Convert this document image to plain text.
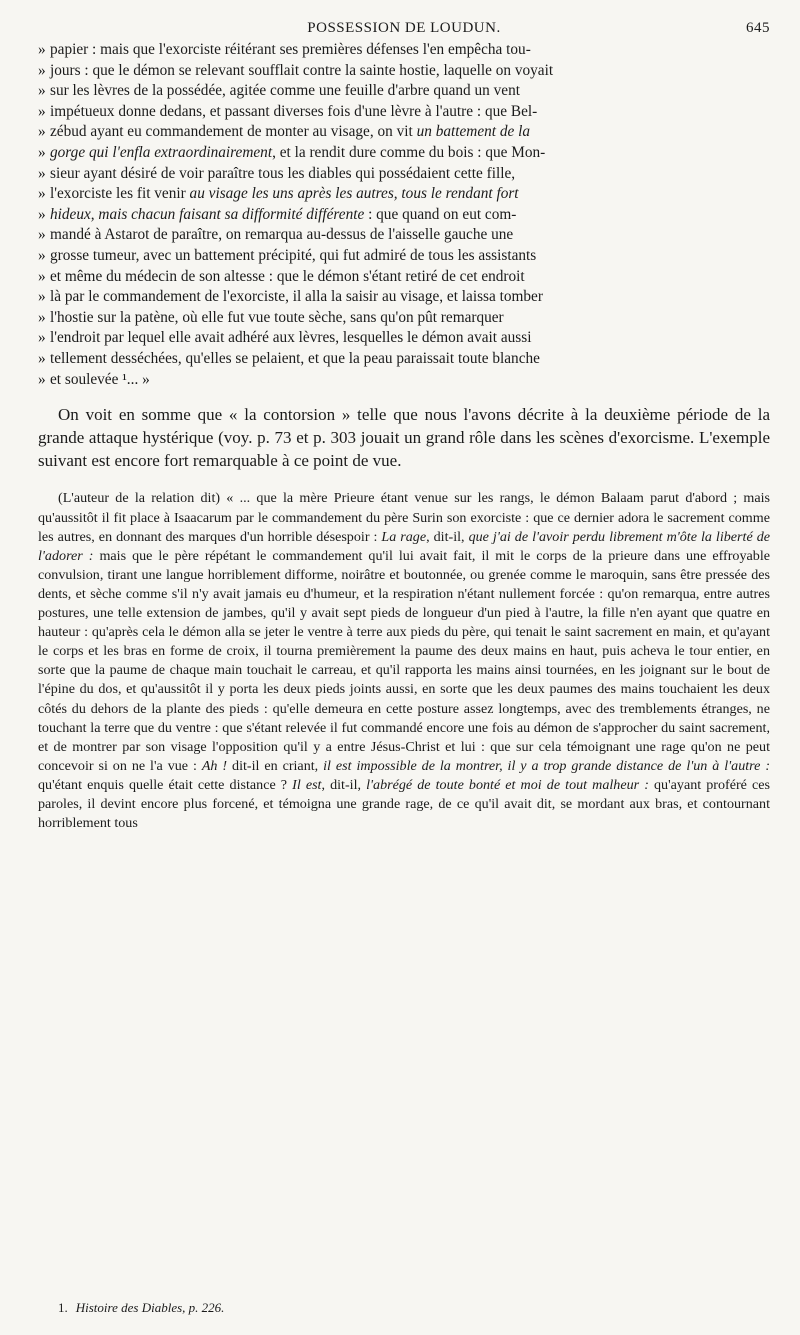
POSSESSION DE LOUDUN.	645
» papier : mais que l'exorciste réitérant ses premières défenses l'en empêcha tou-
» jours : que le démon se relevant soufflait contre la sainte hostie, laquelle on voyait
» sur les lèvres de la possédée, agitée comme une feuille d'arbre quand un vent
» impétueux donne dedans, et passant diverses fois d'une lèvre à l'autre : que Bel-
» zébud ayant eu commandement de monter au visage, on vit un battement de la
» gorge qui l'enfla extraordinairement, et la rendit dure comme du bois : que Mon-
» sieur ayant désiré de voir paraître tous les diables qui possédaient cette fille,
» l'exorciste les fit venir au visage les uns après les autres, tous le rendant fort
» hideux, mais chacun faisant sa difformité différente : que quand on eut com-
» mandé à Astarot de paraître, on remarqua au-dessus de l'aisselle gauche une
» grosse tumeur, avec un battement précipité, qui fut admiré de tous les assistants
» et même du médecin de son altesse : que le démon s'étant retiré de cet endroit
» là par le commandement de l'exorciste, il alla la saisir au visage, et laissa tomber
» l'hostie sur la patène, où elle fut vue toute sèche, sans qu'on pût remarquer
» l'endroit par lequel elle avait adhéré aux lèvres, lesquelles le démon avait aussi
» tellement desséchées, qu'elles se pelaient, et que la peau paraissait toute blanche
» et soulevée ¹... »

On voit en somme que « la contorsion » telle que nous l'avons décrite à la deuxième période de la grande attaque hystérique (voy. p. 73 et p. 303 jouait un grand rôle dans les scènes d'exorcisme. L'exemple suivant est encore fort remarquable à ce point de vue.

(L'auteur de la relation dit) « ... que la mère Prieure étant venue sur les rangs, le démon Balaam parut d'abord ; mais qu'aussitôt il fit place à Isaacarum par le commandement du père Surin son exorciste : que ce dernier adora le sacrement comme les autres, en donnant des marques d'un horrible désespoir : La rage, dit-il, que j'ai de l'avoir perdu librement m'ôte la liberté de l'adorer : mais que le père répétant le commandement qu'il lui avait fait, il mit le corps de la prieure dans une effroyable convulsion, tirant une langue horriblement difforme, noirâtre et boutonnée, ou grenée comme le maroquin, sans être pressée des dents, et sèche comme s'il n'y avait jamais eu d'humeur, et la respiration n'étant nullement forcée : qu'on remarqua, entre autres postures, une telle extension de jambes, qu'il y avait sept pieds de longueur d'un pied à l'autre, la fille n'en ayant que quatre en hauteur : qu'après cela le démon alla se jeter le ventre à terre aux pieds du père, qui tenait le saint sacrement en main, et qu'ayant le corps et les bras en forme de croix, il tourna premièrement la paume des deux mains en haut, puis acheva le tour entier, en sorte que la paume de chaque main touchait le carreau, et qu'il rapporta les mains ainsi tournées, en les joignant sur le bout de l'épine du dos, et qu'aussitôt il y porta les deux pieds joints aussi, en sorte que les deux paumes des mains touchaient les deux côtés du dehors de la plante des pieds : qu'elle demeura en cette posture assez longtemps, avec des tremblements étranges, ne touchant la terre que du ventre : que s'étant relevée il fut commandé encore une fois au démon de s'approcher du saint sacrement, et de montrer par son visage l'opposition qu'il y a entre Jésus-Christ et lui : que sur cela témoignant une rage qu'on ne peut concevoir si on ne l'a vue : Ah ! dit-il en criant, il est impossible de la montrer, il y a trop grande distance de l'un à l'autre : qu'étant enquis quelle était cette distance ? Il est, dit-il, l'abrégé de toute bonté et moi de tout malheur : qu'ayant proféré ces paroles, il devint encore plus forcené, et témoigna une grande rage, de ce qu'il avait dit, se mordant aux bras, et contournant horriblement tous

1. Histoire des Diables, p. 226.
